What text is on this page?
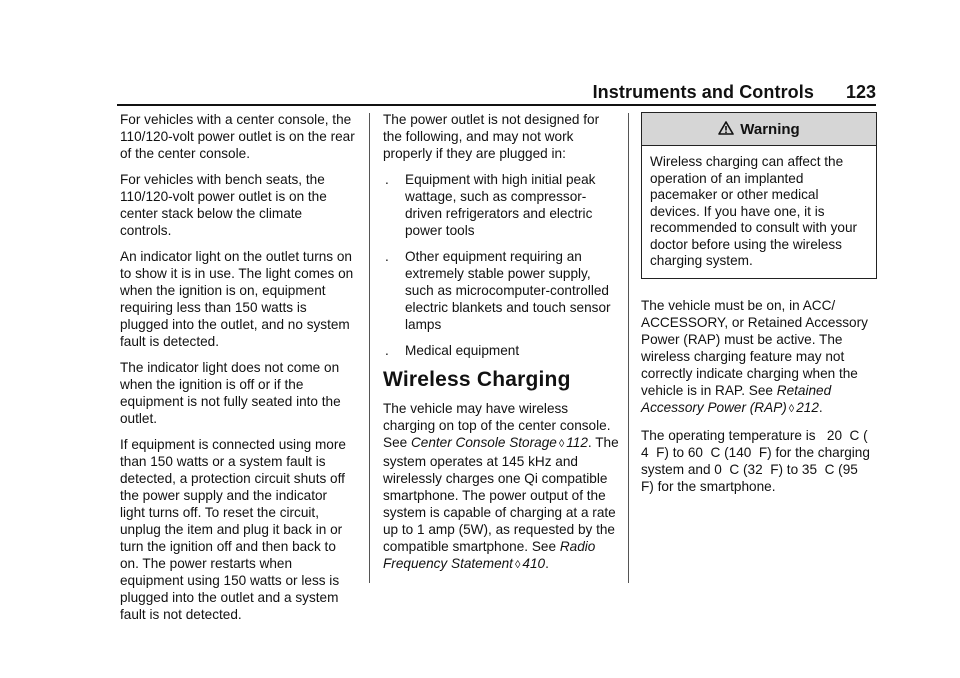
Instruments and Controls 123

For vehicles with a center console, the 110/120-volt power outlet is on the rear of the center console.

For vehicles with bench seats, the 110/120-volt power outlet is on the center stack below the climate controls.

An indicator light on the outlet turns on to show it is in use. The light comes on when the ignition is on, equipment requiring less than 150 watts is plugged into the outlet, and no system fault is detected.

The indicator light does not come on when the ignition is off or if the equipment is not fully seated into the outlet.

If equipment is connected using more than 150 watts or a system fault is detected, a protection circuit shuts off the power supply and the indicator light turns off. To reset the circuit, unplug the item and plug it back in or turn the ignition off and then back to on. The power restarts when equipment using 150 watts or less is plugged into the outlet and a system fault is not detected.

The power outlet is not designed for the following, and may not work properly if they are plugged in:

. Equipment with high initial peak wattage, such as compressor-driven refrigerators and electric power tools
. Other equipment requiring an extremely stable power supply, such as microcomputer-controlled electric blankets and touch sensor lamps
. Medical equipment
Wireless Charging

The vehicle may have wireless charging on top of the center console. See Center Console Storage ◊ 112. The system operates at 145 kHz and wirelessly charges one Qi compatible smartphone. The power output of the system is capable of charging at a rate up to 1 amp (5W), as requested by the compatible smartphone. See Radio Frequency Statement ◊ 410.

Warning
Wireless charging can affect the operation of an implanted pacemaker or other medical devices. If you have one, it is recommended to consult with your doctor before using the wireless charging system.

The vehicle must be on, in ACC/ ACCESSORY, or Retained Accessory Power (RAP) must be active. The wireless charging feature may not correctly indicate charging when the vehicle is in RAP. See Retained Accessory Power (RAP) ◊ 212.

The operating temperature is   20  C (  4  F) to 60  C (140  F) for the charging system and 0  C (32  F) to 35  C (95  F) for the smartphone.
